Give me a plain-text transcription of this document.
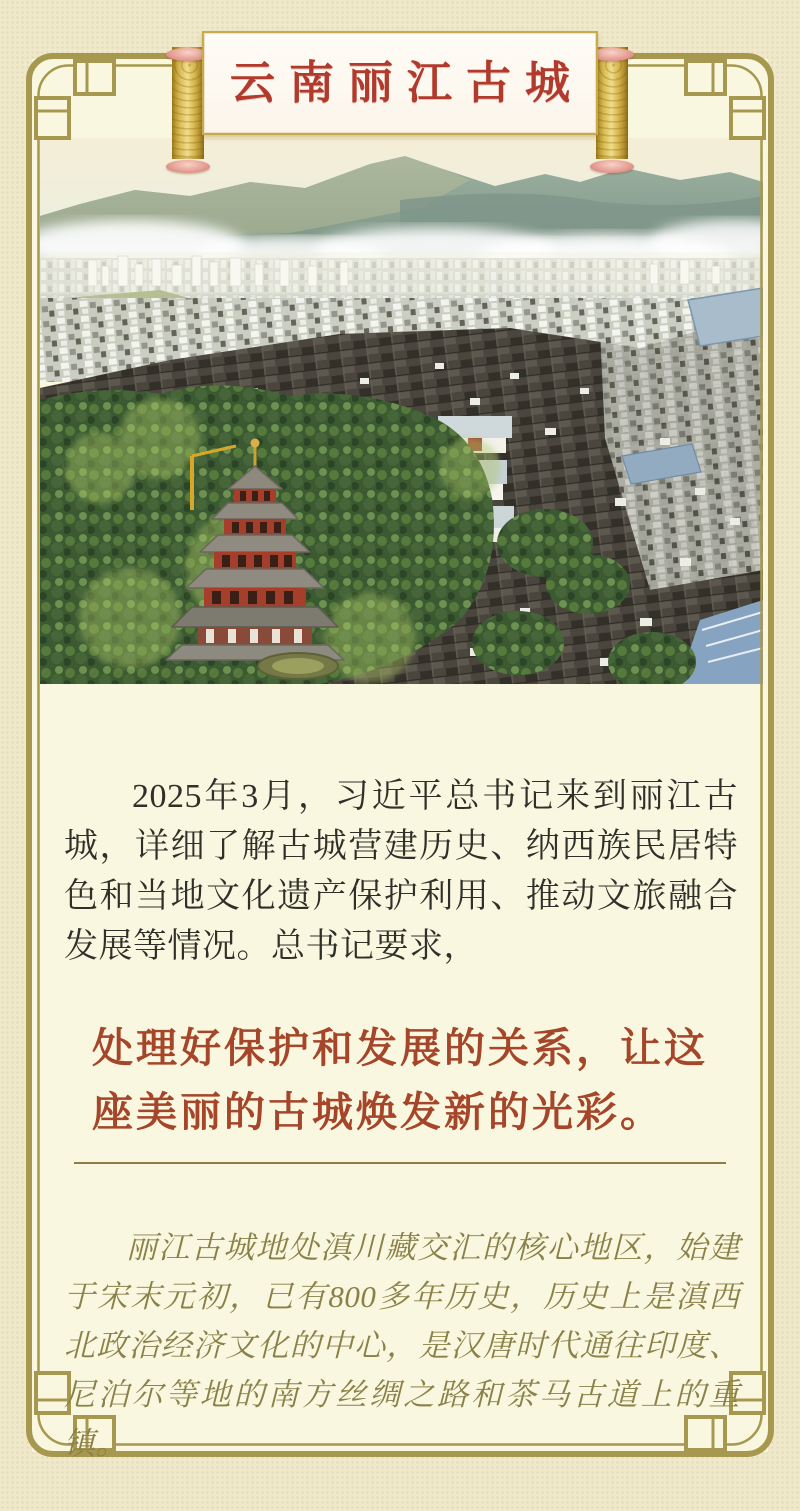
云南丽江古城

2025年3月，习近平总书记来到丽江古城，详细了解古城营建历史、纳西族民居特色和当地文化遗产保护利用、推动文旅融合发展等情况。总书记要求，

处理好保护和发展的关系，让这座美丽的古城焕发新的光彩。

丽江古城地处滇川藏交汇的核心地区，始建于宋末元初，已有800多年历史，历史上是滇西北政治经济文化的中心，是汉唐时代通往印度、尼泊尔等地的南方丝绸之路和茶马古道上的重镇。
